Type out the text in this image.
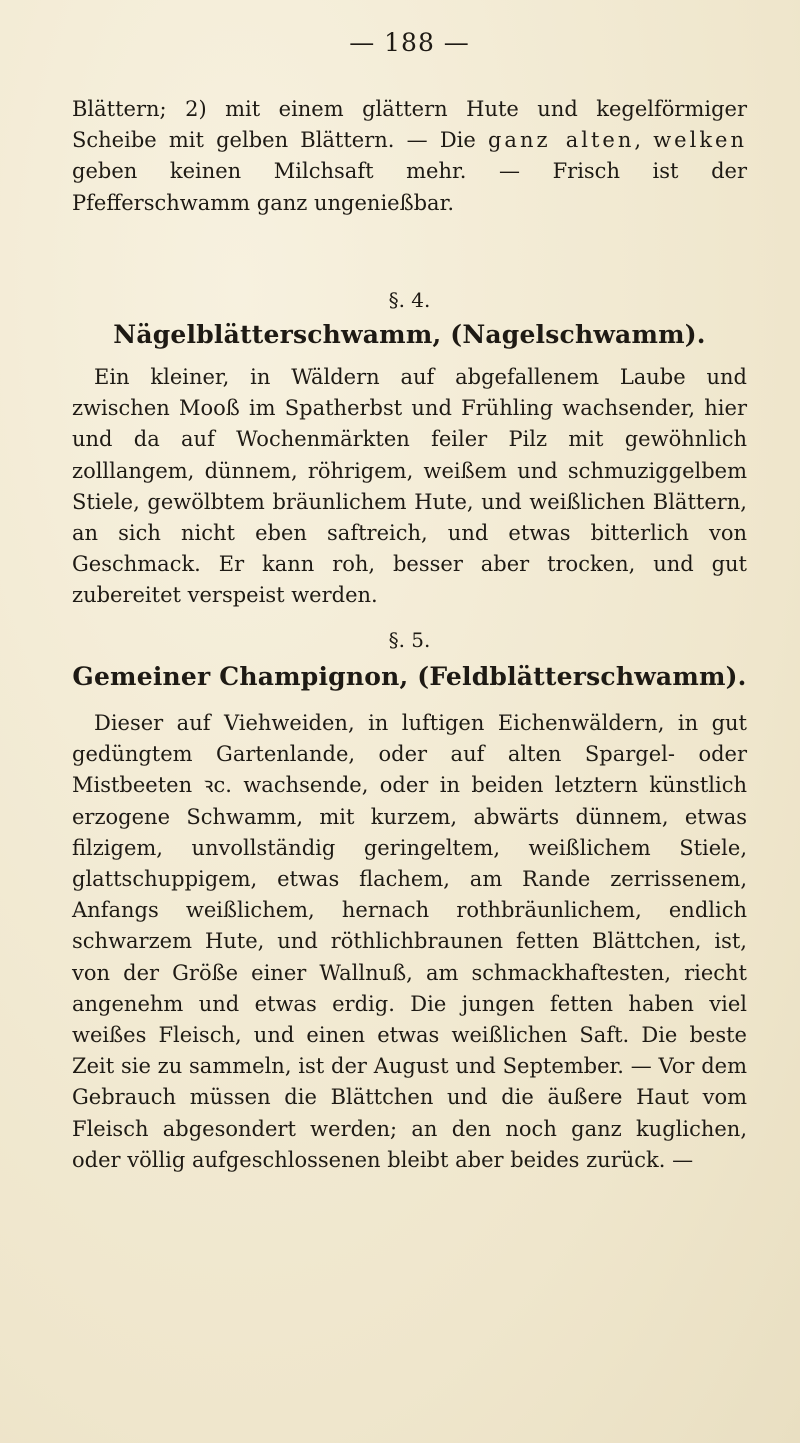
— 188 —

Blättern; 2) mit einem glättern Hute und kegelförmiger Scheibe mit gelben Blättern. — Die ganz alten, welken geben keinen Milchsaft mehr. — Frisch ist der Pfefferschwamm ganz ungenießbar.

§. 4.
Nägelblätterschwamm, (Nagelschwamm).

Ein kleiner, in Wäldern auf abgefallenem Laube und zwischen Mooß im Spatherbst und Frühling wachsender, hier und da auf Wochenmärkten feiler Pilz mit gewöhnlich zolllangem, dünnem, röhrigem, weißem und schmuziggelbem Stiele, gewölbtem bräunlichem Hute, und weißlichen Blättern, an sich nicht eben saftreich, und etwas bitterlich von Geschmack. Er kann roh, besser aber trocken, und gut zubereitet verspeist werden.

§. 5.
Gemeiner Champignon, (Feldblätterschwamm).

Dieser auf Viehweiden, in luftigen Eichenwäldern, in gut gedüngtem Gartenlande, oder auf alten Spargel- oder Mistbeeten ꝛc. wachsende, oder in beiden letztern künstlich erzogene Schwamm, mit kurzem, abwärts dünnem, etwas filzigem, unvollständig geringeltem, weißlichem Stiele, glattschuppigem, etwas flachem, am Rande zerrissenem, Anfangs weißlichem, hernach rothbräunlichem, endlich schwarzem Hute, und röthlichbraunen fetten Blättchen, ist, von der Größe einer Wallnuß, am schmackhaftesten, riecht angenehm und etwas erdig. Die jungen fetten haben viel weißes Fleisch, und einen etwas weißlichen Saft. Die beste Zeit sie zu sammeln, ist der August und September. — Vor dem Gebrauch müssen die Blättchen und die äußere Haut vom Fleisch abgesondert werden; an den noch ganz kuglichen, oder völlig aufgeschlossenen bleibt aber beides zurück. —
